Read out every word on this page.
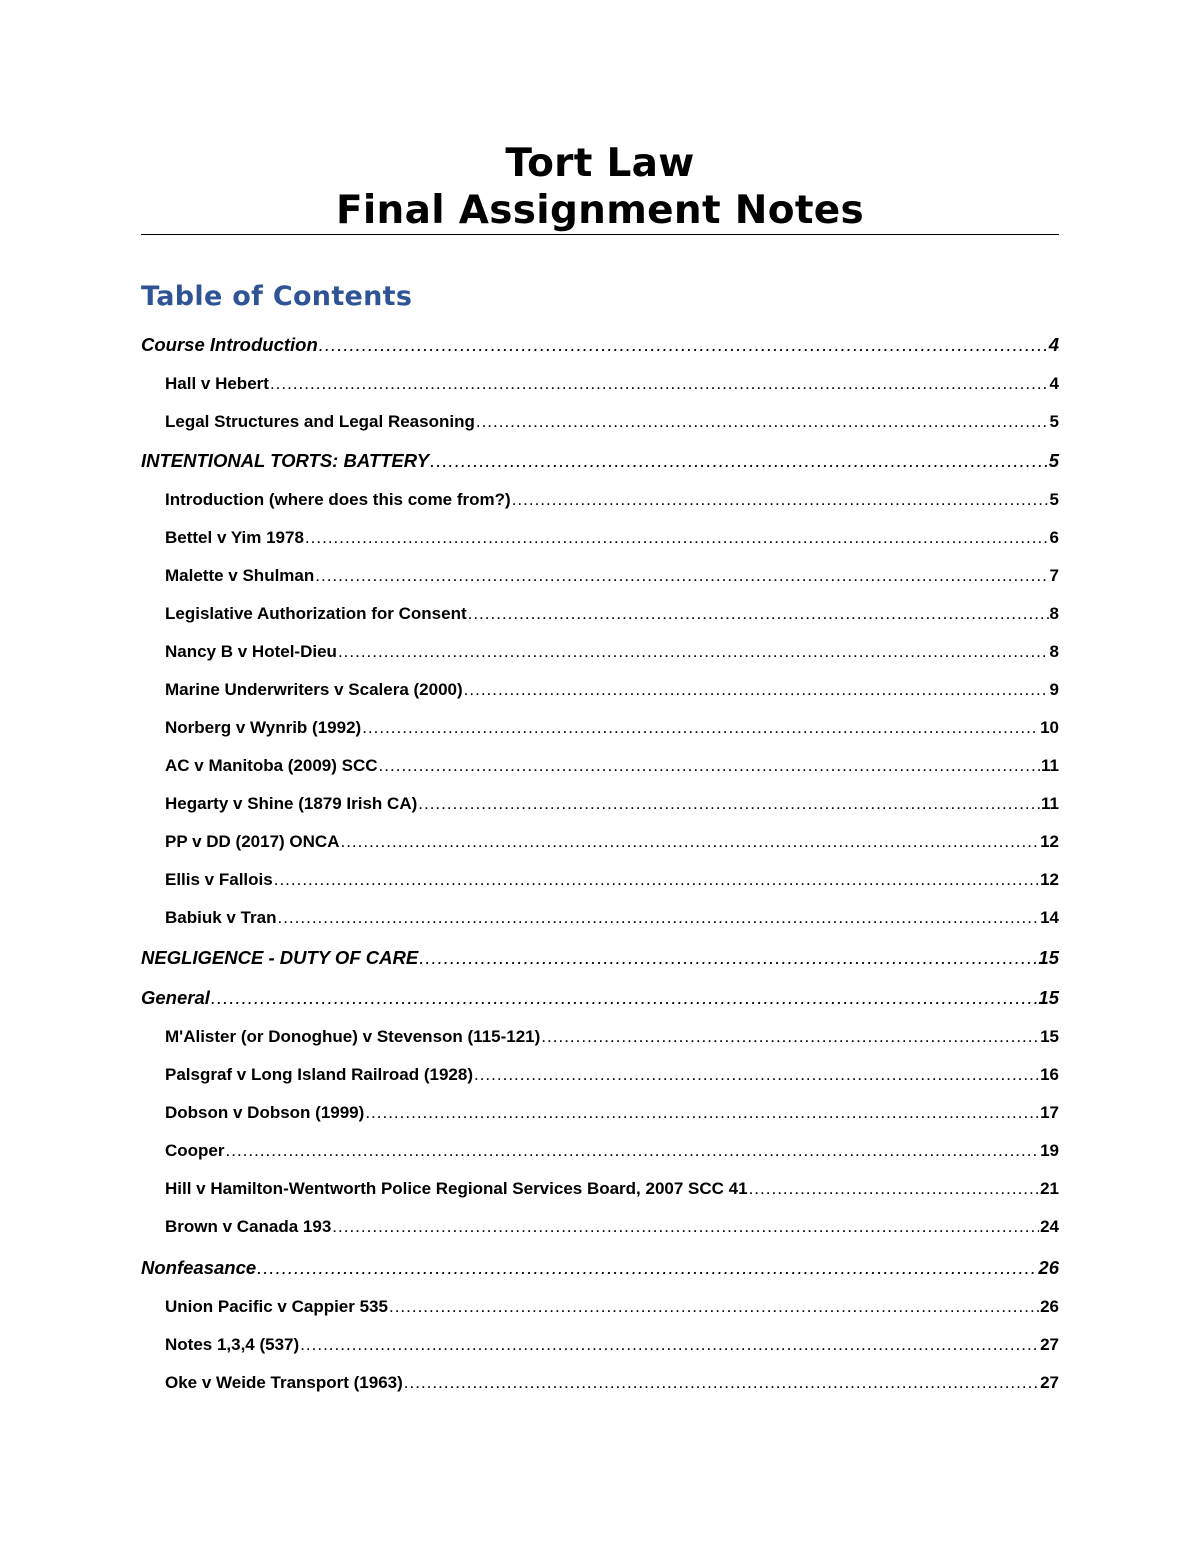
Tort Law
Final Assignment Notes
Table of Contents
Course Introduction .....	4
Hall v Hebert .....	4
Legal Structures and Legal Reasoning .....	5
INTENTIONAL TORTS: BATTERY .....	5
Introduction (where does this come from?) .....	5
Bettel v Yim 1978 .....	6
Malette v Shulman .....	7
Legislative Authorization for Consent .....	8
Nancy B v Hotel-Dieu .....	8
Marine Underwriters v Scalera (2000) .....	9
Norberg v Wynrib (1992) .....	10
AC v Manitoba (2009) SCC .....	11
Hegarty v Shine (1879 Irish CA) .....	11
PP v DD (2017) ONCA .....	12
Ellis v Fallois .....	12
Babiuk v Tran .....	14
NEGLIGENCE - DUTY OF CARE .....	15
General .....	15
M'Alister (or Donoghue) v Stevenson (115-121) .....	15
Palsgraf v Long Island Railroad (1928) .....	16
Dobson v Dobson (1999) .....	17
Cooper .....	19
Hill v Hamilton-Wentworth Police Regional Services Board, 2007 SCC 41 .....	21
Brown v Canada 193 .....	24
Nonfeasance .....	26
Union Pacific v Cappier 535 .....	26
Notes 1,3,4 (537) .....	27
Oke v Weide Transport (1963) .....	27
